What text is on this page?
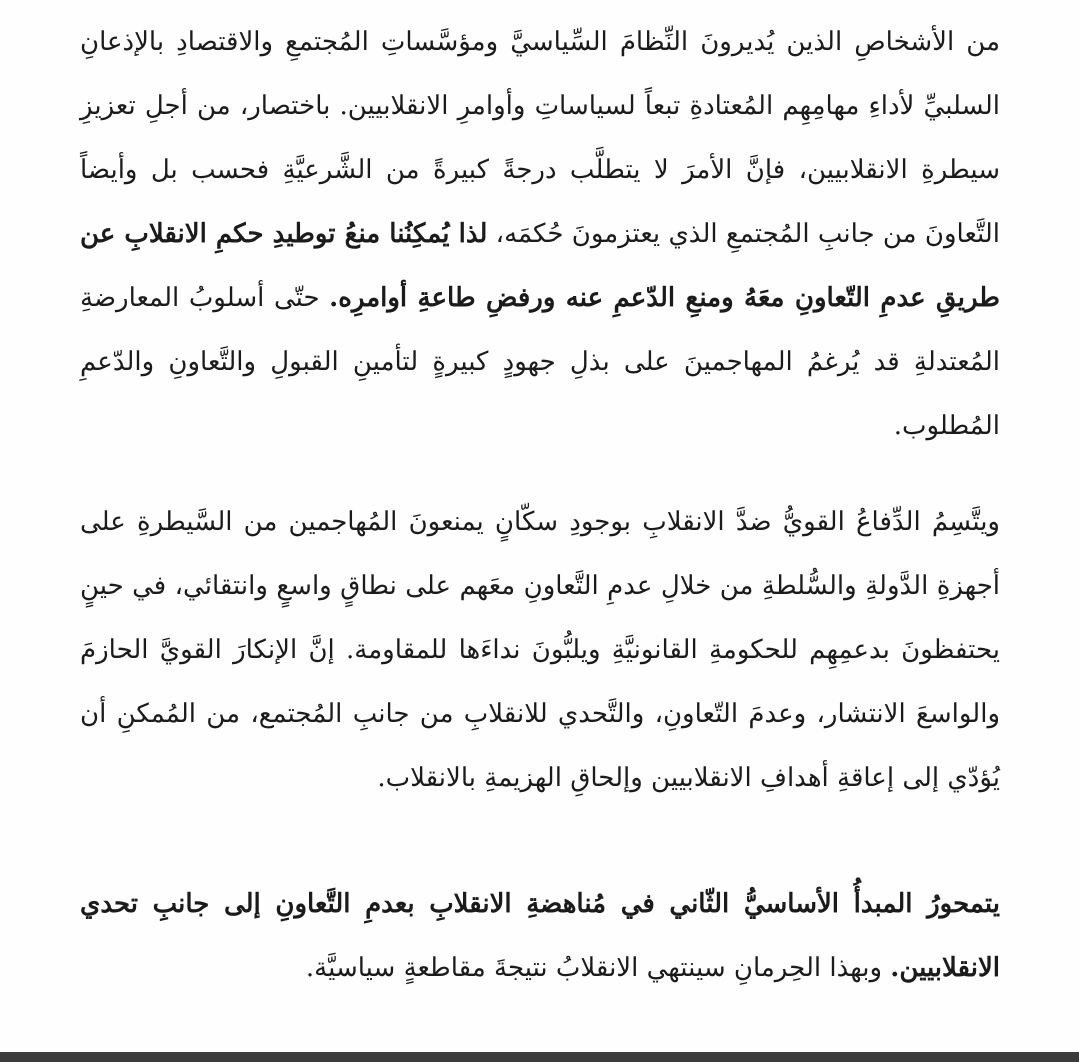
من الأشخاصِ الذين يُديرونَ النِّظامَ السِّياسيَّ ومؤسَّساتِ المُجتمعِ والاقتصادِ بالإذعانِ السلبيِّ لأداءِ مهامِهِم المُعتادةِ تبعاً لسياساتِ وأوامرِ الانقلابيين. باختصار، من أجلِ تعزيزِ سيطرةِ الانقلابيين، فإنَّ الأمرَ لا يتطلَّب درجةً كبيرةً من الشَّرعيَّةِ فحسب بل وأيضاً التَّعاونَ من جانبِ المُجتمعِ الذي يعتزمونَ حُكمَه، لذا يُمكِنُنا منعُ توطيدِ حكمِ الانقلابِ عن طريقِ عدمِ التّعاونِ معَهُ ومنعِ الدّعمِ عنه ورفضِ طاعةِ أوامرِه. حتّى أسلوبُ المعارضةِ المُعتدلةِ قد يُرغمُ المهاجمينَ على بذلِ جهودٍ كبيرةٍ لتأمينِ القبولِ والتَّعاونِ والدّعمِ المُطلوب.

ويتَّسِمُ الدِّفاعُ القويُّ ضدَّ الانقلابِ بوجودِ سكّانٍ يمنعونَ المُهاجمين من السَّيطرةِ على أجهزةِ الدَّولةِ والسُّلطةِ من خلالِ عدمِ التَّعاونِ معَهم على نطاقٍ واسعٍ وانتقائي، في حينٍ يحتفظونَ بدعمِهِم للحكومةِ القانونيَّةِ ويلبُّونَ نداءَها للمقاومة. إنَّ الإنكارَ القويَّ الحازمَ والواسعَ الانتشار، وعدمَ التّعاونِ، والتَّحدي للانقلابِ من جانبِ المُجتمع، من المُمكنِ أن يُؤدّي إلى إعاقةِ أهدافِ الانقلابيين وإلحاقِ الهزيمةِ بالانقلاب.

يتمحورُ المبدأُ الأساسيُّ الثّاني في مُناهضةِ الانقلابِ بعدمِ التَّعاونِ إلى جانبِ تحدي الانقلابيين. وبهذا الحِرمانِ سينتهي الانقلابُ نتيجةَ مقاطعةٍ سياسيَّة.
